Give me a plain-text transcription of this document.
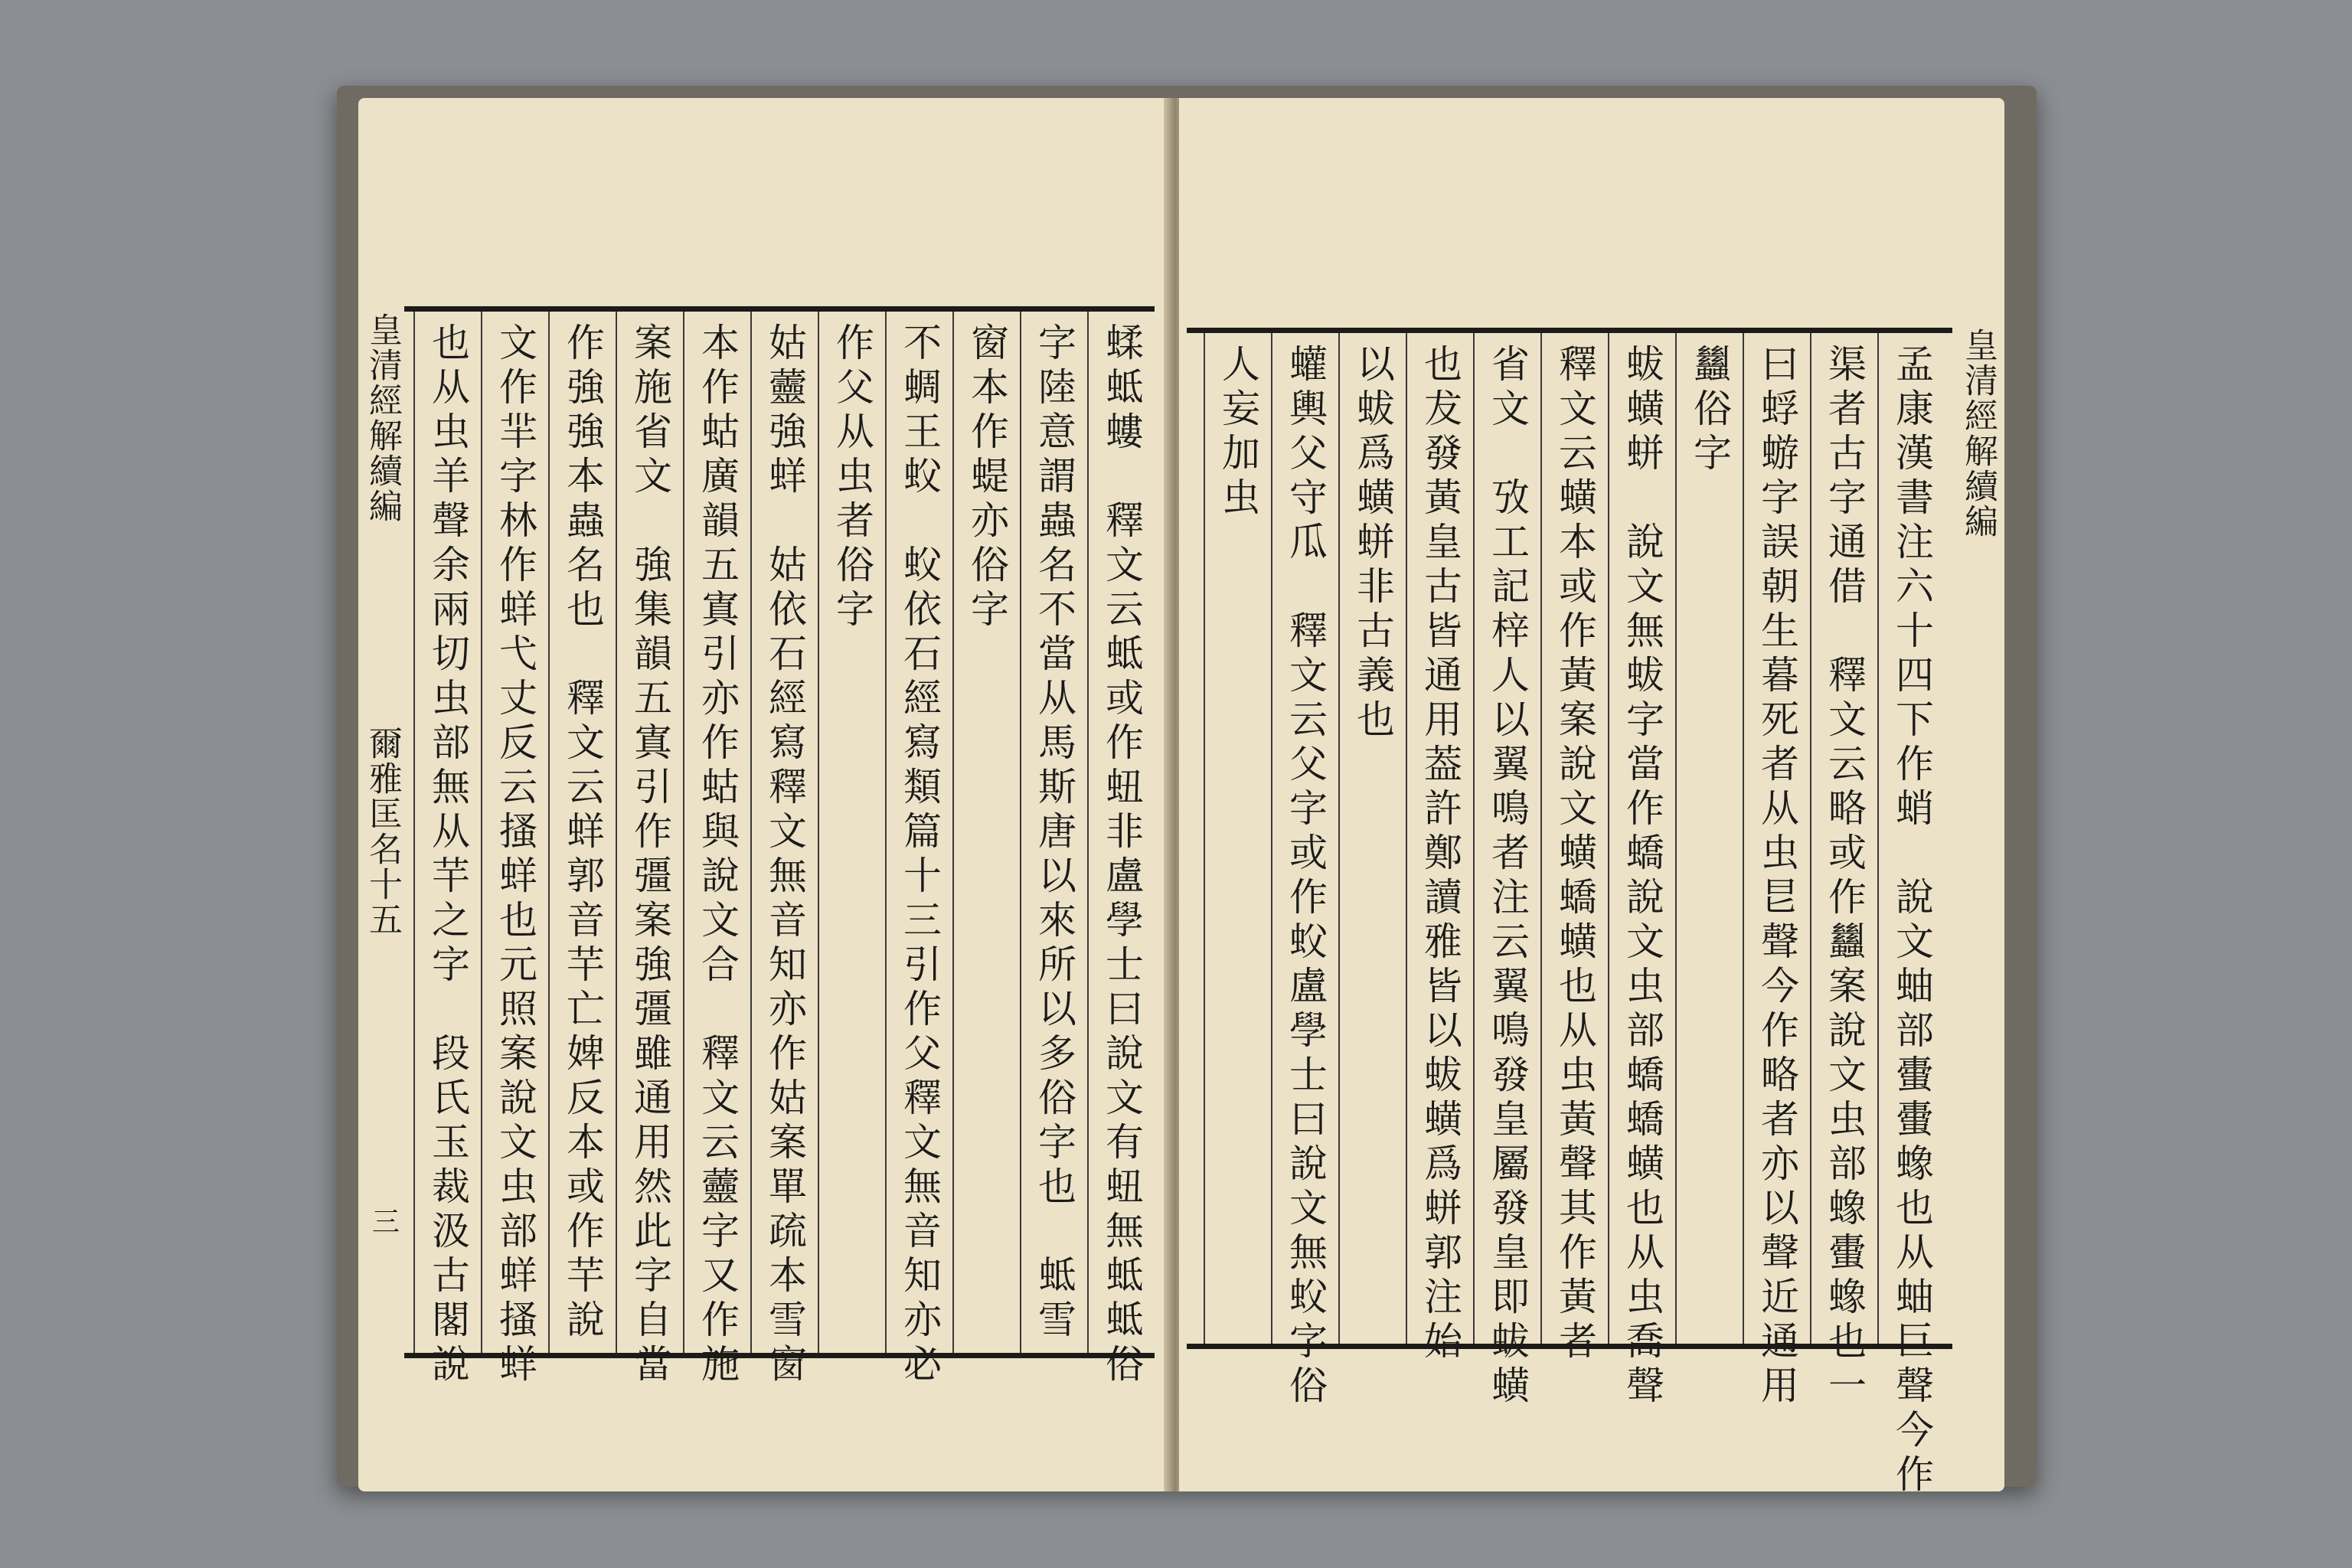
皇清經解續編
爾雅匡名十五
三	蝚蚳螻　釋文云蚳或作䖡非盧學士曰說文有䖡無蚳蚳俗
字陸意謂蟲名不當从馬斯唐以來所以多俗字也　蚳雪
窗本作蝭亦俗字
不蜩王蚥　蚥依石經寫類篇十三引作父釋文無音知亦必
作父从虫者俗字
姑䖅強蛘　姑依石經寫釋文無音知亦作姑案單疏本雪窗
本作蛄廣韻五寘引亦作蛄與說文合　釋文云䖅字又作施
案施省文　強集韻五寘引作彊案強彊雖通用然此字自當
作強強本蟲名也　釋文云蛘郭音芉亡婢反本或作芉說
文作羋字林作蛘弋丈反云搔蛘也元照案說文虫部蛘搔蛘
也从虫羊聲余兩切虫部無从芉之字　段氏玉裁汲古閣說	孟康漢書注六十四下作蛸　說文蚰部蟗蟗蟓也从蚰巨聲今作
渠者古字通借　釋文云略或作蠿案說文虫部蟓蟗蟓也一
曰蜉蝣字誤朝生暮死者从虫㫐聲今作略者亦以聲近通用
蠿俗字
蛂蟥蛢　說文無蛂字當作蟜說文虫部蟜蟜蟥也从虫喬聲
釋文云蟥本或作黃案說文蟥蟜蟥也从虫黃聲其作黃者
省文　攷工記梓人以翼鳴者注云翼鳴發皇屬發皇即蛂蟥
也犮發黃皇古皆通用葢許鄭讀雅皆以蛂蟥爲蛢郭注始
以蛂爲蟥蛢非古義也
蠸輿父守瓜　釋文云父字或作蚥盧學士曰說文無蚥字俗
人妄加虫	皇清經解續編
